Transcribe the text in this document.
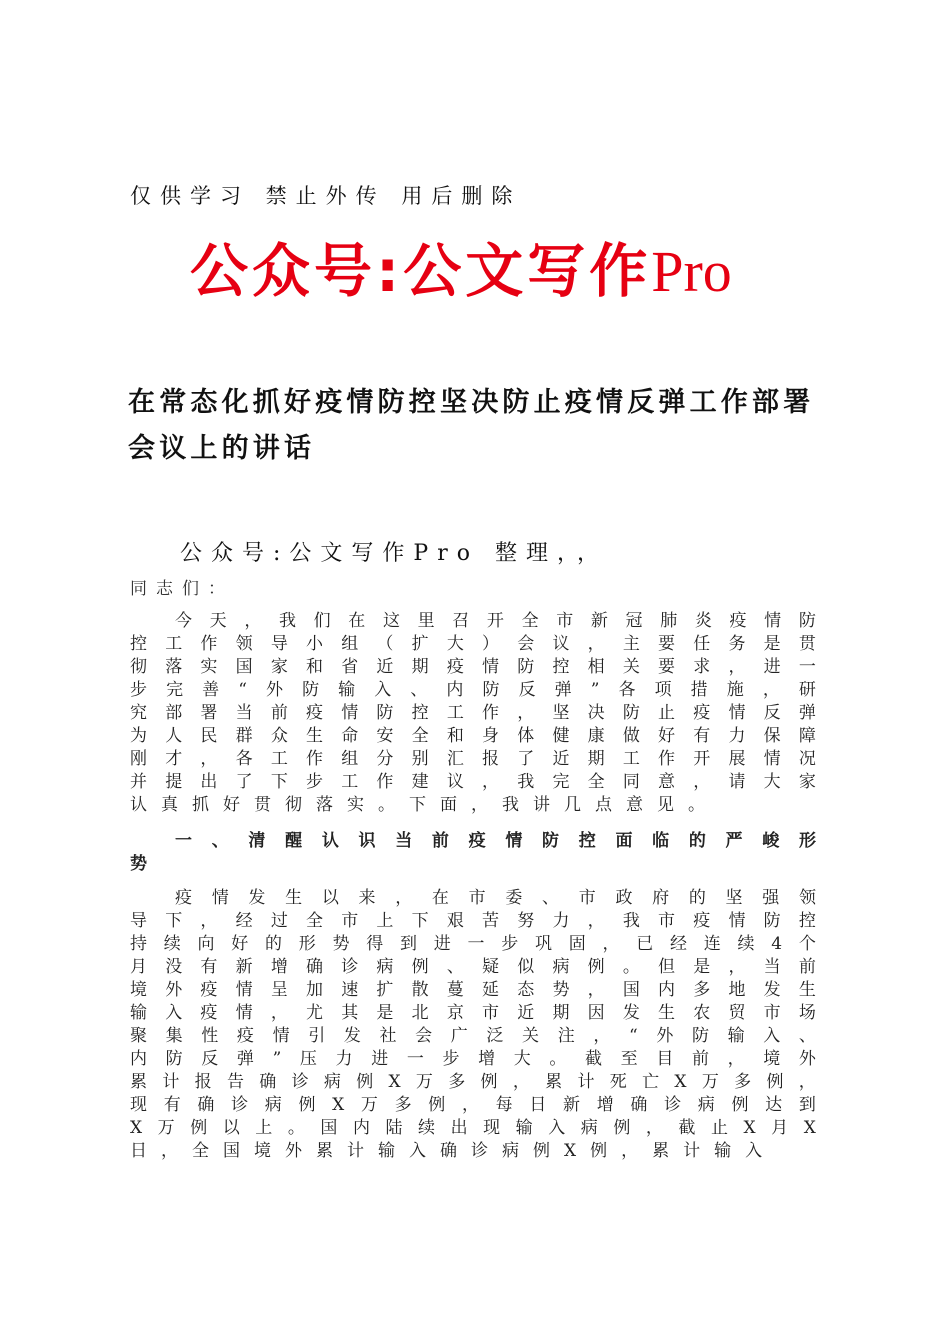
仅供学习 禁止外传 用后删除
公众号:公文写作Pro
在常态化抓好疫情防控坚决防止疫情反弹工作部署会议上的讲话
公众号:公文写作Pro 整理，，
同志们：
今 天 ， 我 们 在 这 里 召 开 全 市 新 冠 肺 炎 疫 情 防
控 工 作 领 导 小 组 （ 扩 大 ） 会 议 ， 主 要 任 务 是 贯
彻 落 实 国 家 和 省 近 期 疫 情 防 控 相 关 要 求 ， 进 一
步 完 善 “ 外 防 输 入 、 内 防 反 弹 ” 各 项 措 施 ， 研
究 部 署 当 前 疫 情 防 控 工 作 ， 坚 决 防 止 疫 情 反 弹
为 人 民 群 众 生 命 安 全 和 身 体 健 康 做 好 有 力 保 障
刚 才 ， 各 工 作 组 分 别 汇 报 了 近 期 工 作 开 展 情 况
并 提 出 了 下 步 工 作 建 议 ， 我 完 全 同 意 ， 请 大 家
认 真 抓 好 贯 彻 落 实 。 下 面 ， 我 讲 几 点 意 见 。
一 、 清 醒 认 识 当 前 疫 情 防 控 面 临 的 严 峻 形
势
疫 情 发 生 以 来 ， 在 市 委 、 市 政 府 的 坚 强 领
导 下 ， 经 过 全 市 上 下 艰 苦 努 力 ， 我 市 疫 情 防 控
持 续 向 好 的 形 势 得 到 进 一 步 巩 固 ， 已 经 连 续 4 个
月 没 有 新 增 确 诊 病 例 、 疑 似 病 例 。 但 是 ， 当 前
境 外 疫 情 呈 加 速 扩 散 蔓 延 态 势 ， 国 内 多 地 发 生
输 入 疫 情 ， 尤 其 是 北 京 市 近 期 因 发 生 农 贸 市 场
聚 集 性 疫 情 引 发 社 会 广 泛 关 注 ， “ 外 防 输 入 、
内 防 反 弹 ” 压 力 进 一 步 增 大 。 截 至 目 前 ， 境 外
累 计 报 告 确 诊 病 例 X 万 多 例 ， 累 计 死 亡 X 万 多 例 ，
现 有 确 诊 病 例 X 万 多 例 ， 每 日 新 增 确 诊 病 例 达 到
X 万 例 以 上 。 国 内 陆 续 出 现 输 入 病 例 ， 截 止 X 月 X
日 ， 全 国 境 外 累 计 输 入 确 诊 病 例 X 例 ， 累 计 输 入
